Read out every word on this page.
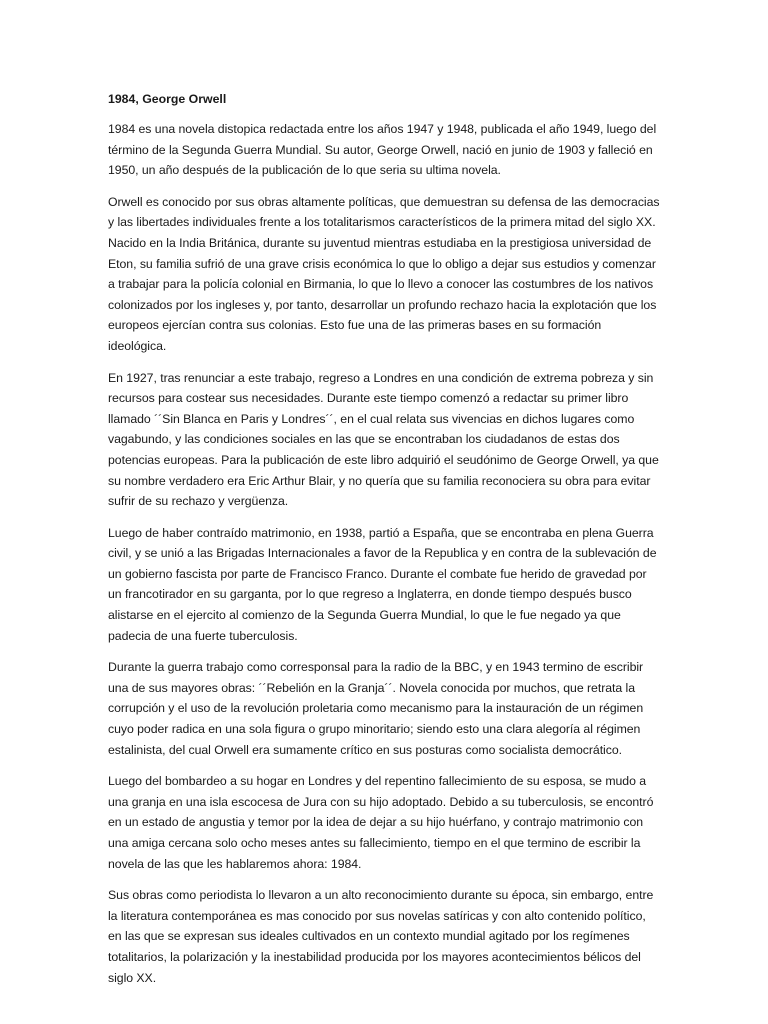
1984, George Orwell

1984 es una novela distopica redactada entre los años 1947 y 1948, publicada el año 1949, luego del término de la Segunda Guerra Mundial. Su autor, George Orwell, nació en junio de 1903 y falleció en 1950, un año después de la publicación de lo que seria su ultima novela.

Orwell es conocido por sus obras altamente políticas, que demuestran su defensa de las democracias y las libertades individuales frente a los totalitarismos característicos de la primera mitad del siglo XX. Nacido en la India Británica, durante su juventud mientras estudiaba en la prestigiosa universidad de Eton, su familia sufrió de una grave crisis económica lo que lo obligo a dejar sus estudios y comenzar a trabajar para la policía colonial en Birmania, lo que lo llevo a conocer las costumbres de los nativos colonizados por los ingleses y, por tanto, desarrollar un profundo rechazo hacia la explotación que los europeos ejercían contra sus colonias. Esto fue una de las primeras bases en su formación ideológica.

En 1927, tras renunciar a este trabajo, regreso a Londres en una condición de extrema pobreza y sin recursos para costear sus necesidades. Durante este tiempo comenzó a redactar su primer libro llamado ´´Sin Blanca en Paris y Londres´´, en el cual relata sus vivencias en dichos lugares como vagabundo, y las condiciones sociales en las que se encontraban los ciudadanos de estas dos potencias europeas. Para la publicación de este libro adquirió el seudónimo de George Orwell, ya que su nombre verdadero era Eric Arthur Blair, y no quería que su familia reconociera su obra para evitar sufrir de su rechazo y vergüenza.

Luego de haber contraído matrimonio, en 1938, partió a España, que se encontraba en plena Guerra civil, y se unió a las Brigadas Internacionales a favor de la Republica y en contra de la sublevación de un gobierno fascista por parte de Francisco Franco. Durante el combate fue herido de gravedad por un francotirador en su garganta, por lo que regreso a Inglaterra, en donde tiempo después busco alistarse en el ejercito al comienzo de la Segunda Guerra Mundial, lo que le fue negado ya que padecia de una fuerte tuberculosis.

Durante la guerra trabajo como corresponsal para la radio de la BBC, y en 1943 termino de escribir una de sus mayores obras: ´´Rebelión en la Granja´´. Novela conocida por muchos, que retrata la corrupción y el uso de la revolución proletaria como mecanismo para la instauración de un régimen cuyo poder radica en una sola figura o grupo minoritario; siendo esto una clara alegoría al régimen estalinista, del cual Orwell era sumamente crítico en sus posturas como socialista democrático.

Luego del bombardeo a su hogar en Londres y del repentino fallecimiento de su esposa, se mudo a una granja en una isla escocesa de Jura con su hijo adoptado. Debido a su tuberculosis, se encontró en un estado de angustia y temor por la idea de dejar a su hijo huérfano, y contrajo matrimonio con una amiga cercana solo ocho meses antes su fallecimiento, tiempo en el que termino de escribir la novela de las que les hablaremos ahora: 1984.

Sus obras como periodista lo llevaron a un alto reconocimiento durante su época, sin embargo, entre la literatura contemporánea es mas conocido por sus novelas satíricas y con alto contenido político, en las que se expresan sus ideales cultivados en un contexto mundial agitado por los regímenes totalitarios, la polarización y la inestabilidad producida por los mayores acontecimientos bélicos del siglo XX.
